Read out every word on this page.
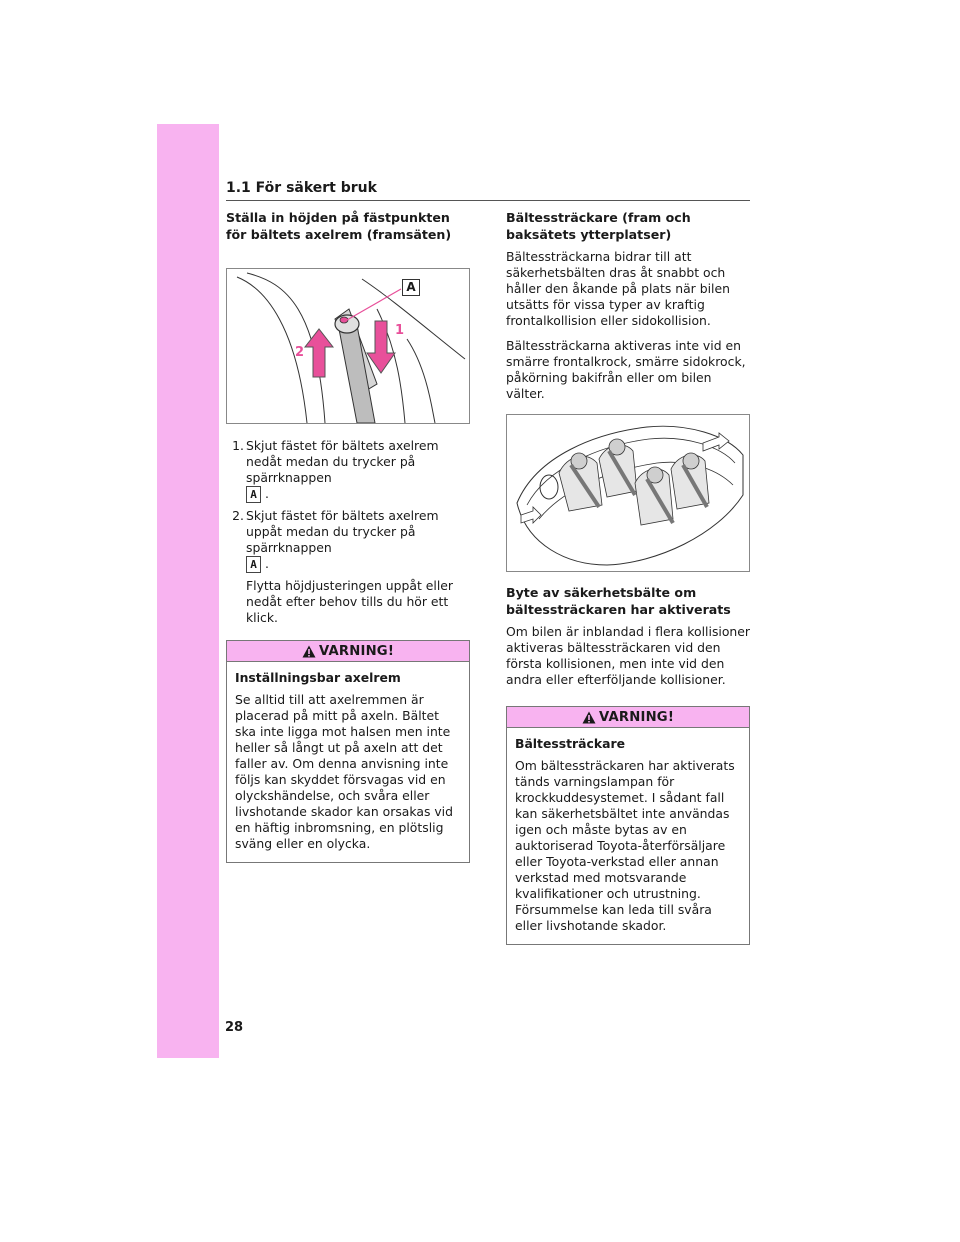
1.1 För säkert bruk
Ställa in höjden på fästpunkten för bältets axelrem (framsäten)
A
1
2
1. Skjut fästet för bältets axelrem nedåt medan du trycker på spärrknappen
A .
2. Skjut fästet för bältets axelrem uppåt medan du trycker på spärrknappen
A .
Flytta höjdjusteringen uppåt eller nedåt efter behov tills du hör ett klick.
VARNING!
Inställningsbar axelrem

Se alltid till att axelremmen är placerad på mitt på axeln. Bältet ska inte ligga mot halsen men inte heller så långt ut på axeln att det faller av. Om denna anvisning inte följs kan skyddet försvagas vid en olyckshändelse, och svåra eller livshotande skador kan orsakas vid en häftig inbromsning, en plötslig sväng eller en olycka.

Bältessträckare (fram och baksätets ytterplatser)

Bältessträckarna bidrar till att säkerhetsbälten dras åt snabbt och håller den åkande på plats när bilen utsätts för vissa typer av kraftig frontalkollision eller sidokollision.

Bältessträckarna aktiveras inte vid en smärre frontalkrock, smärre sidokrock, påkörning bakifrån eller om bilen välter.

Byte av säkerhetsbälte om bältessträckaren har aktiverats

Om bilen är inblandad i flera kollisioner aktiveras bältessträckaren vid den första kollisionen, men inte vid den andra eller efterföljande kollisioner.

VARNING!
Bältessträckare

Om bältessträckaren har aktiverats tänds varningslampan för krockkuddesystemet. I sådant fall kan säkerhetsbältet inte användas igen och måste bytas av en auktoriserad Toyota-återförsäljare eller Toyota-verkstad eller annan verkstad med motsvarande kvalifikationer och utrustning. Försummelse kan leda till svåra eller livshotande skador.

28
